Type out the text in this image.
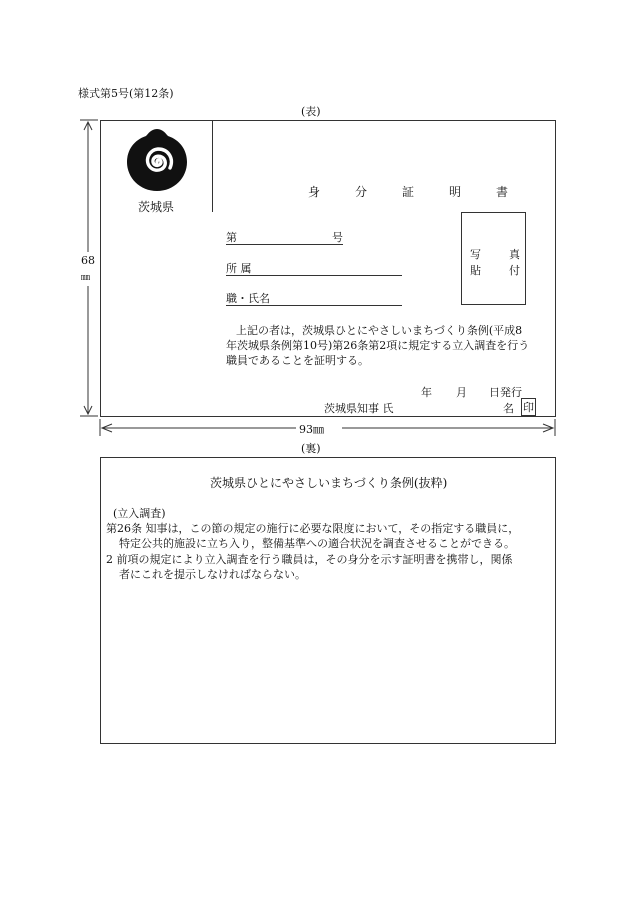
様式第5号(第12条)
(表)
68
㎜
93㎜
茨城県
身 分 証 明 書
第	号
所 属
職・氏名
写	真
貼	付
上記の者は，茨城県ひとにやさしいまちづくり条例(平成8
年茨城県条例第10号)第26条第2項に規定する立入調査を行う
職員であることを証明する。
年 月 日発行
茨城県知事 氏	名 印
(裏)
茨城県ひとにやさしいまちづくり条例(抜粋)
(立入調査)
第26条 知事は，この節の規定の施行に必要な限度において，その指定する職員に，
特定公共的施設に立ち入り，整備基準への適合状況を調査させることができる。
2 前項の規定により立入調査を行う職員は，その身分を示す証明書を携帯し，関係
者にこれを提示しなければならない。
